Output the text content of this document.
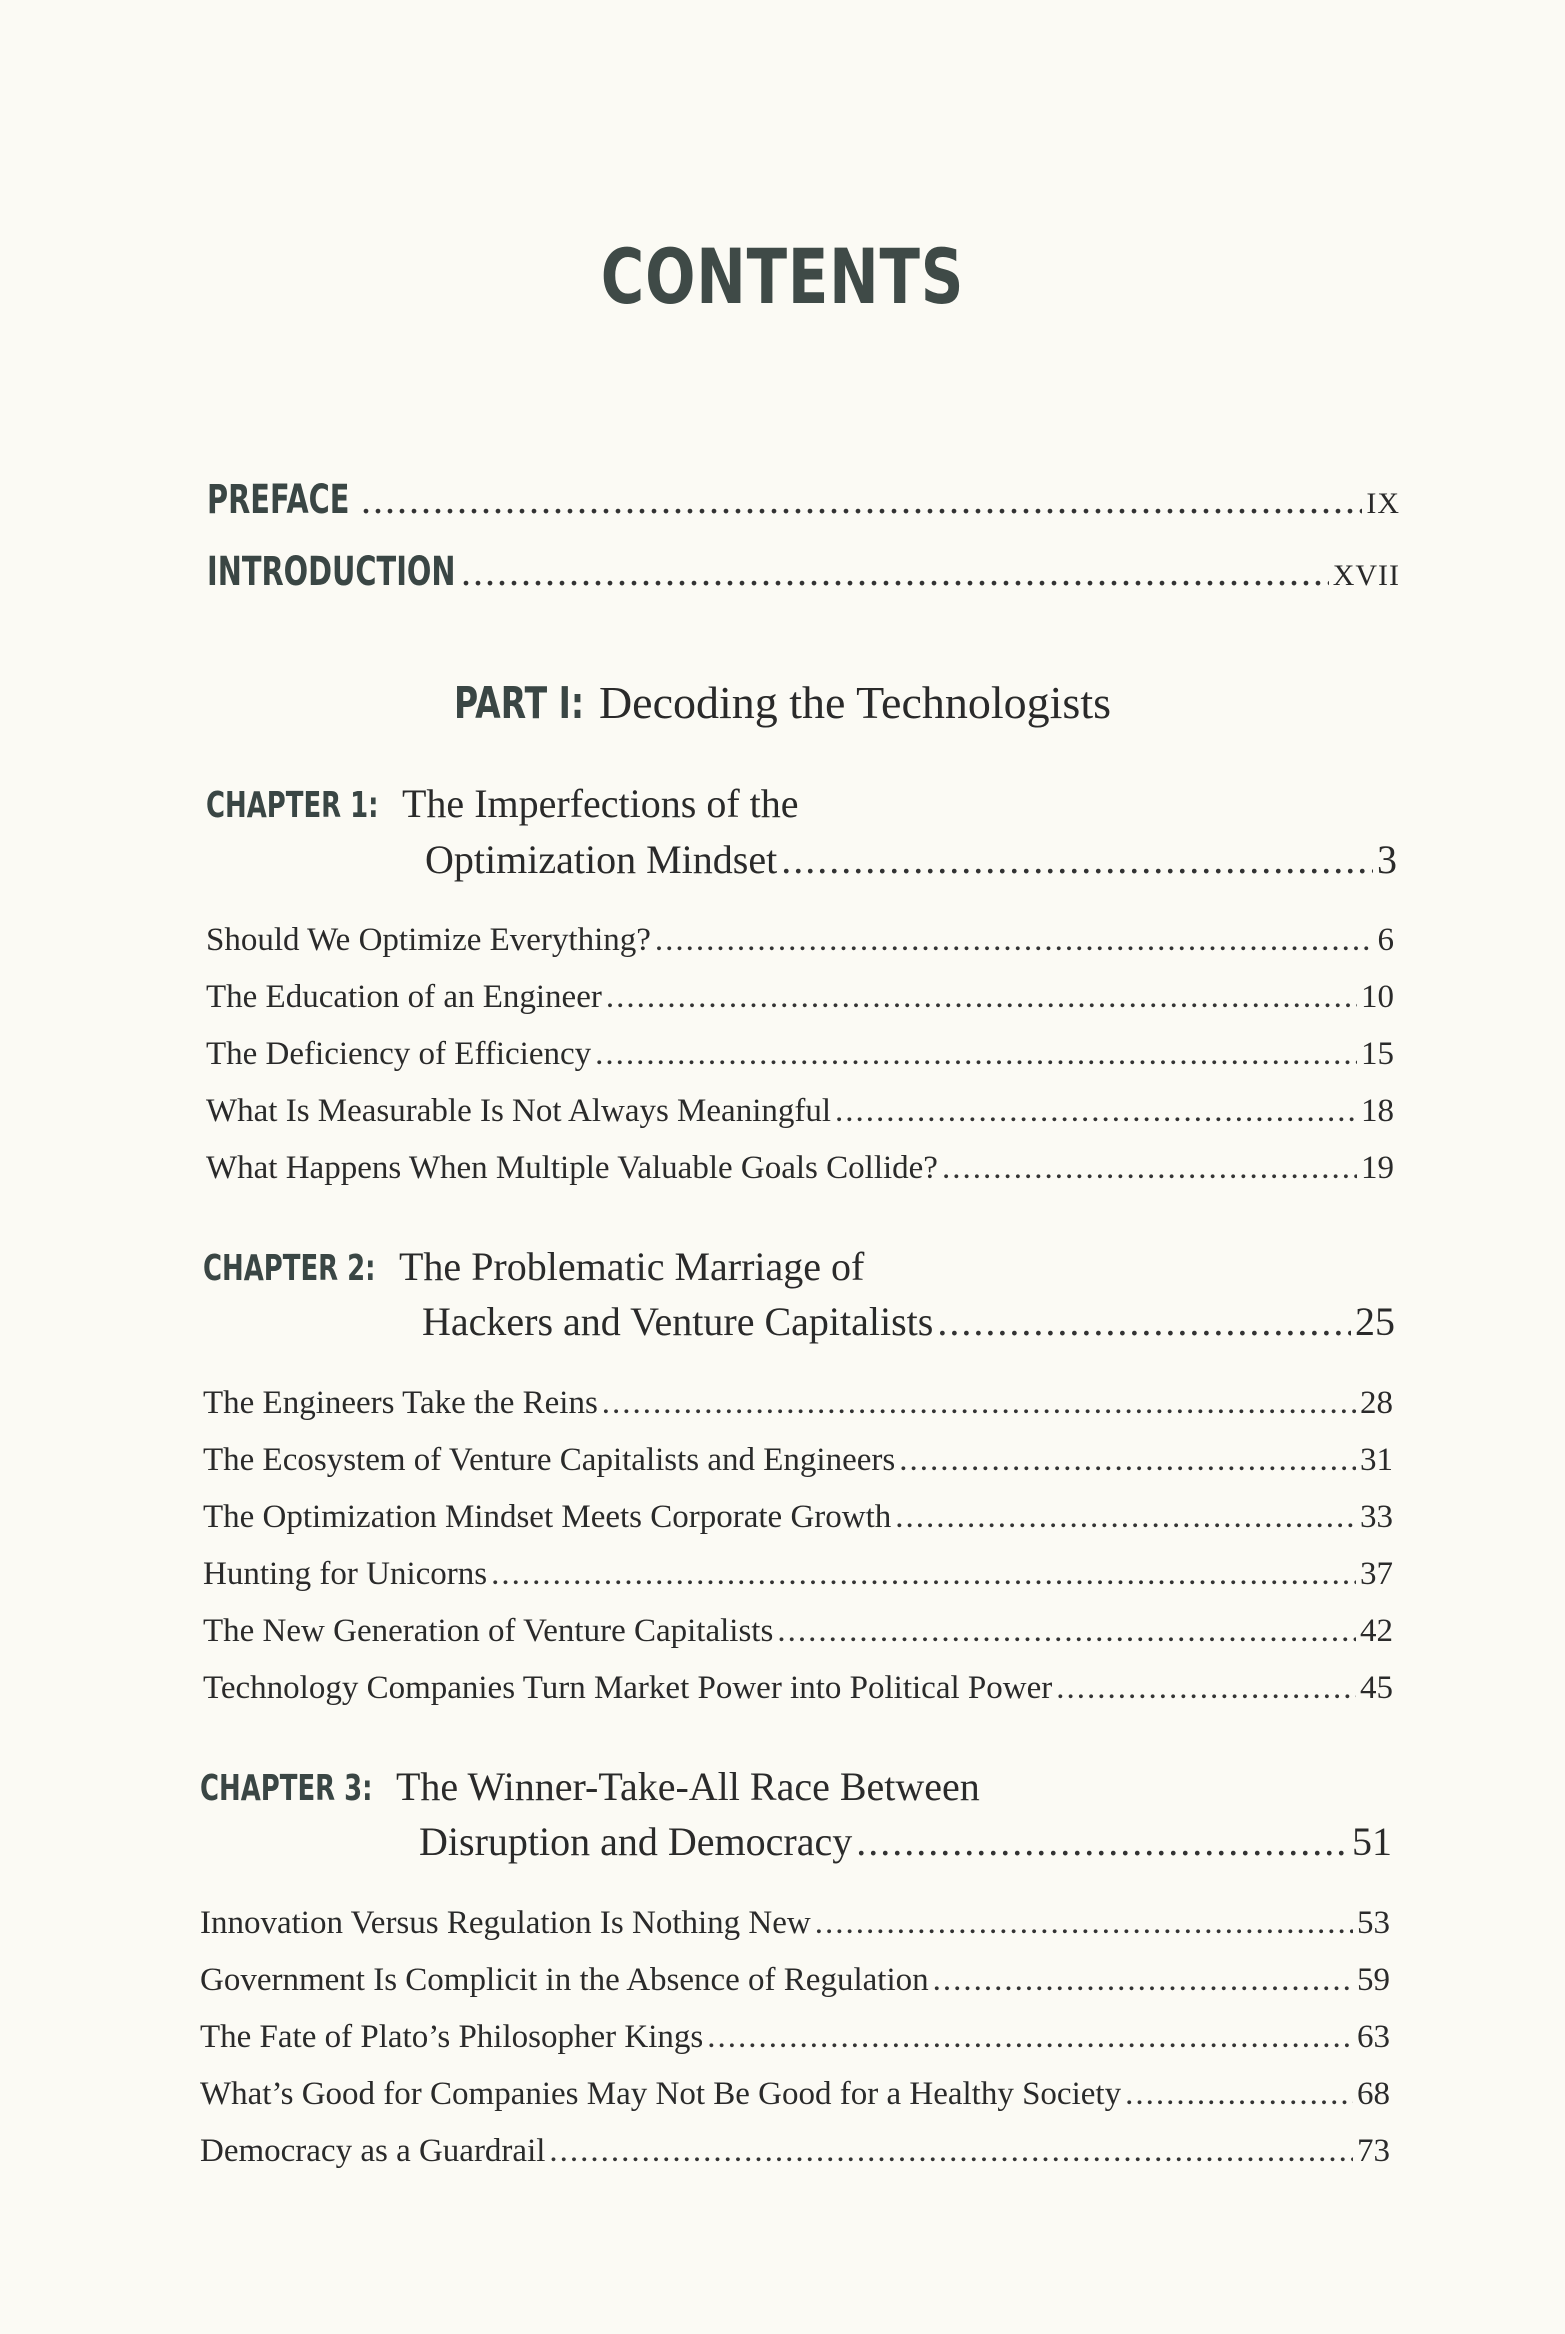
CONTENTS
PREFACE .....	IX
INTRODUCTION .....	XVII
PART I: Decoding the Technologists
CHAPTER 1: The Imperfections of the
Optimization Mindset .....	3
Should We Optimize Everything? .....	6
The Education of an Engineer .....	10
The Deficiency of Efficiency .....	15
What Is Measurable Is Not Always Meaningful .....	18
What Happens When Multiple Valuable Goals Collide? .....	19
CHAPTER 2: The Problematic Marriage of
Hackers and Venture Capitalists .....	25
The Engineers Take the Reins .....	28
The Ecosystem of Venture Capitalists and Engineers .....	31
The Optimization Mindset Meets Corporate Growth .....	33
Hunting for Unicorns .....	37
The New Generation of Venture Capitalists .....	42
Technology Companies Turn Market Power into Political Power .....	45
CHAPTER 3: The Winner-Take-All Race Between
Disruption and Democracy .....	51
Innovation Versus Regulation Is Nothing New .....	53
Government Is Complicit in the Absence of Regulation .....	59
The Fate of Plato’s Philosopher Kings .....	63
What’s Good for Companies May Not Be Good for a Healthy Society .....	68
Democracy as a Guardrail .....	73
